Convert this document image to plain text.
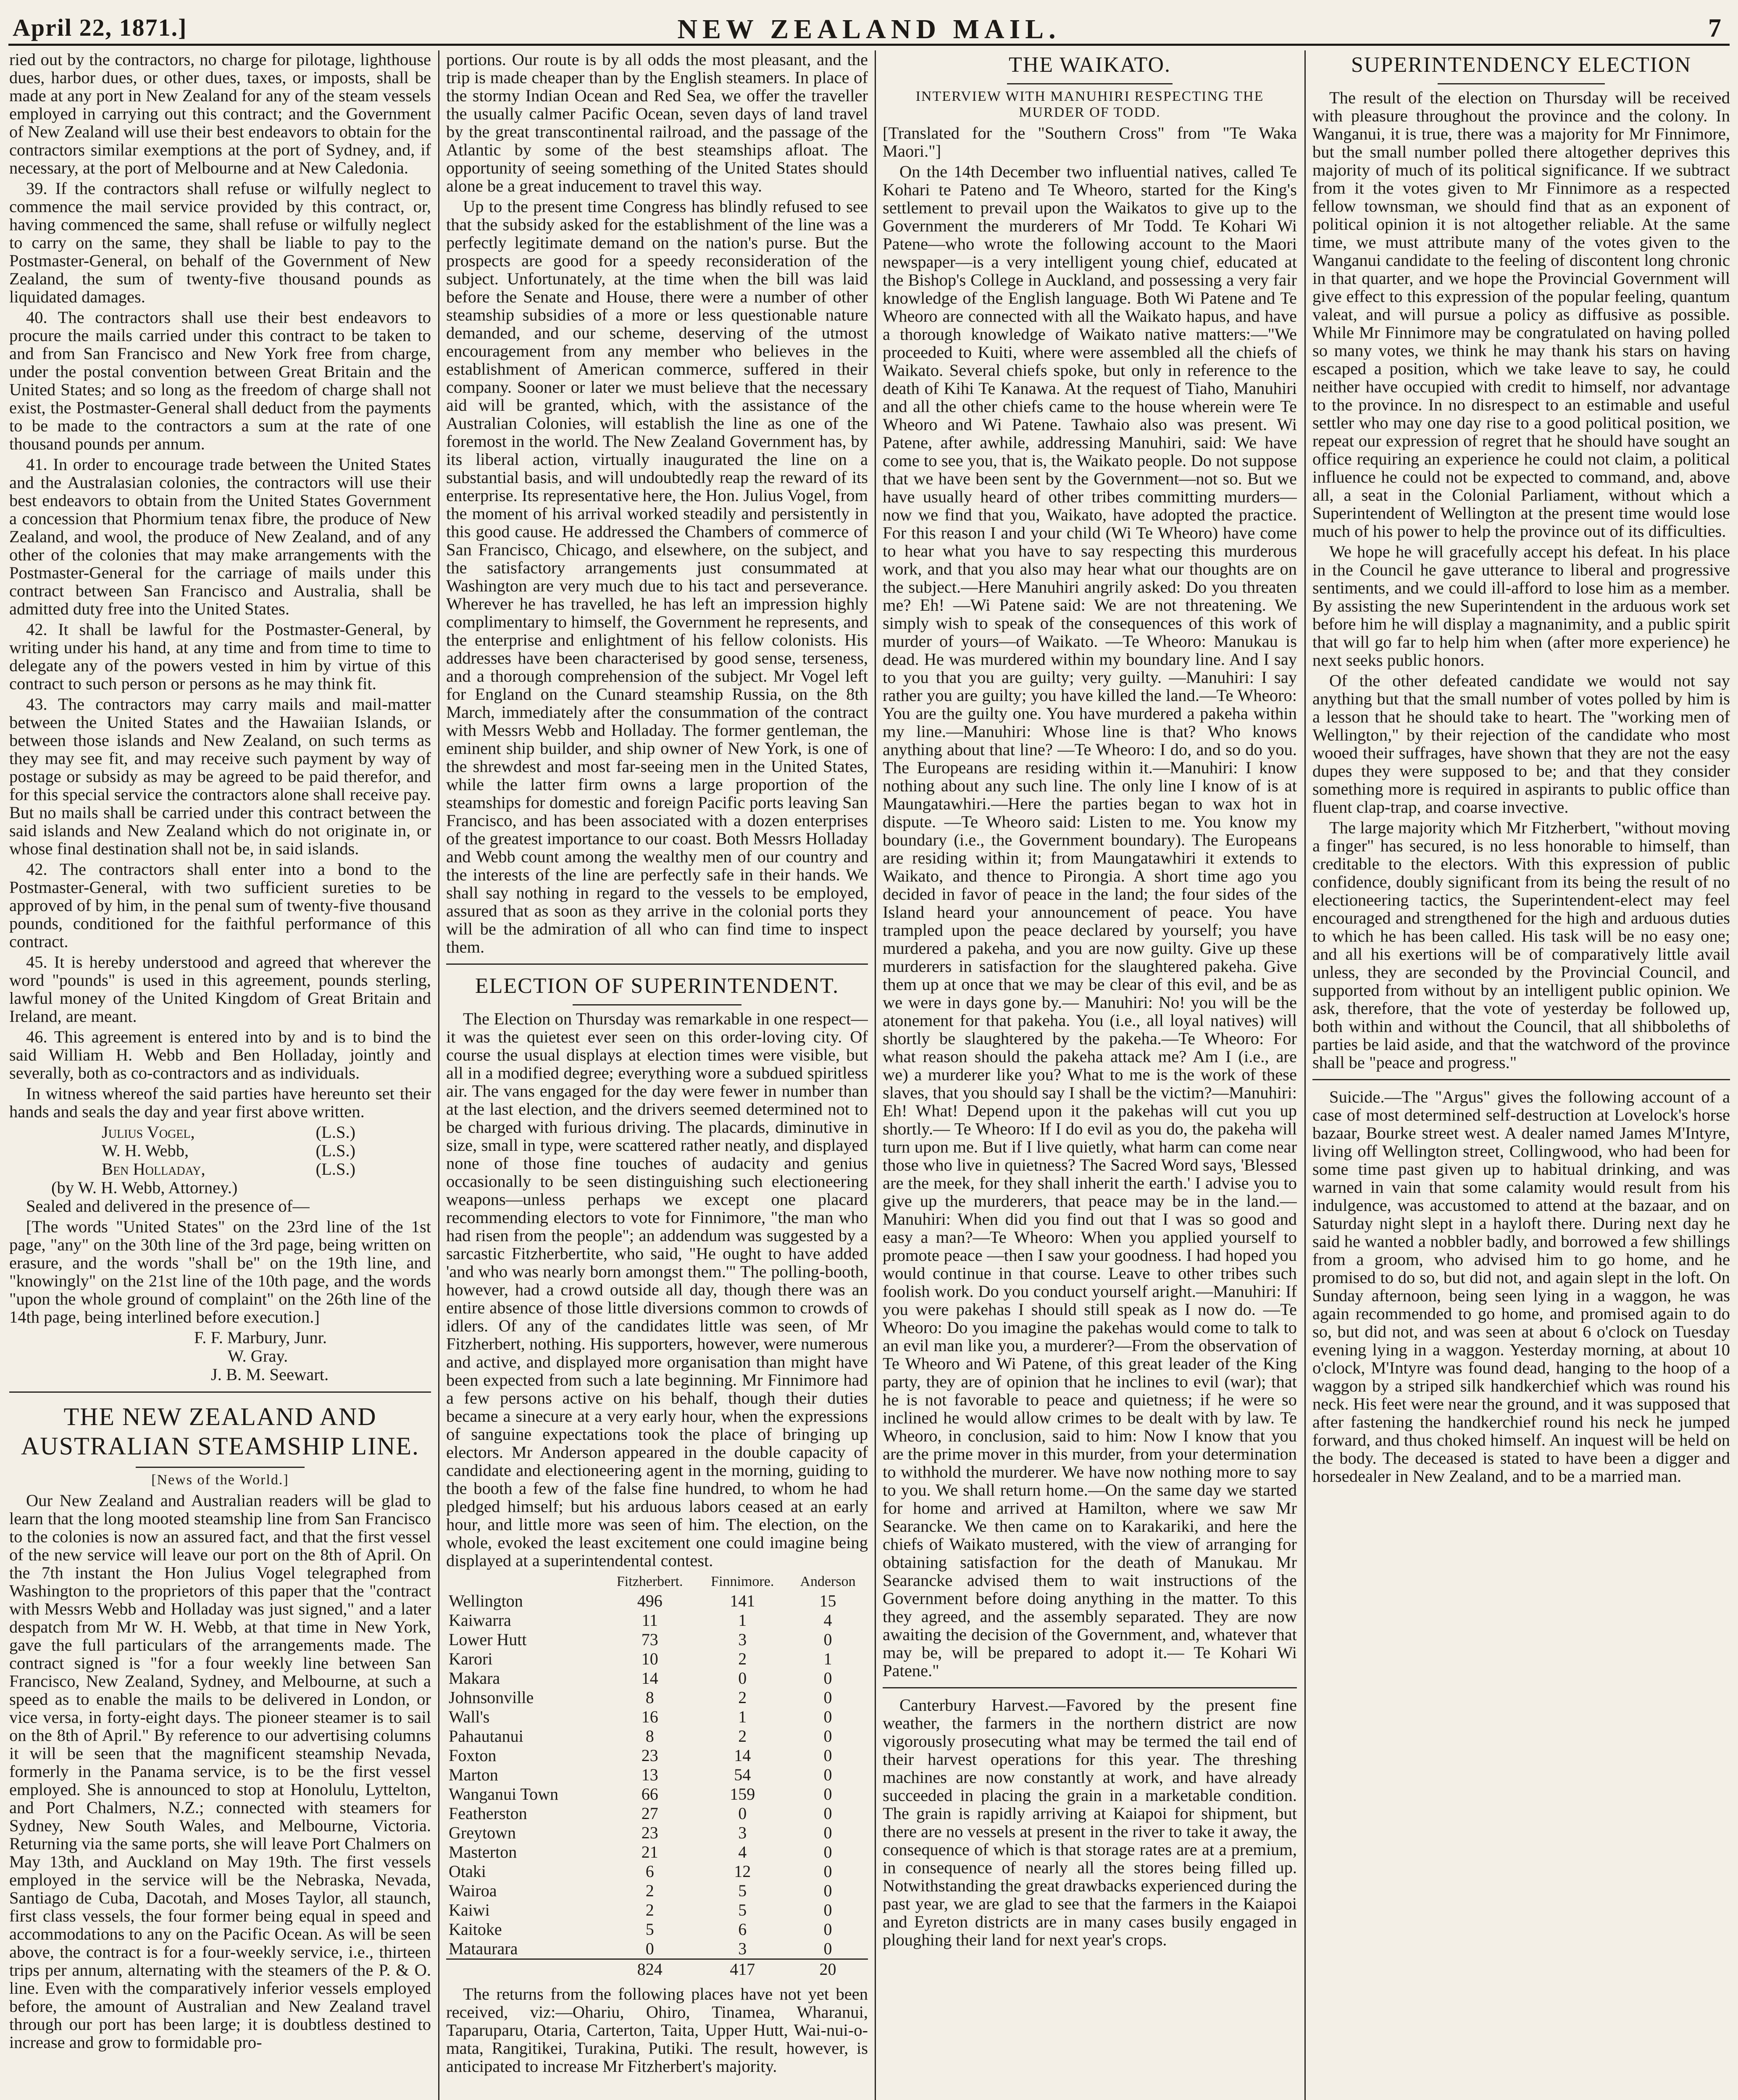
April 22, 1871.]	NEW ZEALAND MAIL.	7

ried out by the contractors, no charge for pilotage, lighthouse dues, harbor dues, or other dues, taxes, or imposts, shall be made at any port in New Zealand for any of the steam vessels employed in carrying out this contract; and the Government of New Zealand will use their best endeavors to obtain for the contractors similar exemptions at the port of Sydney, and, if necessary, at the port of Melbourne and at New Caledonia.

39. If the contractors shall refuse or wilfully neglect to commence the mail service provided by this contract, or, having commenced the same, shall refuse or wilfully neglect to carry on the same, they shall be liable to pay to the Postmaster-General, on behalf of the Government of New Zealand, the sum of twenty-five thousand pounds as liquidated damages.

40. The contractors shall use their best endeavors to procure the mails carried under this contract to be taken to and from San Francisco and New York free from charge, under the postal convention between Great Britain and the United States; and so long as the freedom of charge shall not exist, the Postmaster-General shall deduct from the payments to be made to the contractors a sum at the rate of one thousand pounds per annum.

41. In order to encourage trade between the United States and the Australasian colonies, the contractors will use their best endeavors to obtain from the United States Government a concession that Phormium tenax fibre, the produce of New Zealand, and wool, the produce of New Zealand, and of any other of the colonies that may make arrangements with the Postmaster-General for the carriage of mails under this contract between San Francisco and Australia, shall be admitted duty free into the United States.

42. It shall be lawful for the Postmaster-General, by writing under his hand, at any time and from time to time to delegate any of the powers vested in him by virtue of this contract to such person or persons as he may think fit.

43. The contractors may carry mails and mail-matter between the United States and the Hawaiian Islands, or between those islands and New Zealand, on such terms as they may see fit, and may receive such payment by way of postage or subsidy as may be agreed to be paid therefor, and for this special service the contractors alone shall receive pay. But no mails shall be carried under this contract between the said islands and New Zealand which do not originate in, or whose final destination shall not be, in said islands.

42. The contractors shall enter into a bond to the Postmaster-General, with two sufficient sureties to be approved of by him, in the penal sum of twenty-five thousand pounds, conditioned for the faithful performance of this contract.

45. It is hereby understood and agreed that wherever the word "pounds" is used in this agreement, pounds sterling, lawful money of the United Kingdom of Great Britain and Ireland, are meant.

46. This agreement is entered into by and is to bind the said William H. Webb and Ben Holladay, jointly and severally, both as co-contractors and as individuals.

In witness whereof the said parties have hereunto set their hands and seals the day and year first above written.

Julius Vogel,	(L.S.)
W. H. Webb,	(L.S.)
Ben Holladay,	(L.S.)
(by W. H. Webb, Attorney.)

Sealed and delivered in the presence of—

[The words "United States" on the 23rd line of the 1st page, "any" on the 30th line of the 3rd page, being written on erasure, and the words "shall be" on the 19th line, and "knowingly" on the 21st line of the 10th page, and the words "upon the whole ground of complaint" on the 26th line of the 14th page, being interlined before execution.]

F. F. Marbury, Junr.
W. Gray.
J. B. M. Seewart.
THE NEW ZEALAND AND AUSTRALIAN STEAMSHIP LINE.
[News of the World.]

Our New Zealand and Australian readers will be glad to learn that the long mooted steamship line from San Francisco to the colonies is now an assured fact, and that the first vessel of the new service will leave our port on the 8th of April. On the 7th instant the Hon Julius Vogel telegraphed from Washington to the proprietors of this paper that the "contract with Messrs Webb and Holladay was just signed," and a later despatch from Mr W. H. Webb, at that time in New York, gave the full particulars of the arrangements made. The contract signed is "for a four weekly line between San Francisco, New Zealand, Sydney, and Melbourne, at such a speed as to enable the mails to be delivered in London, or vice versa, in forty-eight days. The pioneer steamer is to sail on the 8th of April." By reference to our advertising columns it will be seen that the magnificent steamship Nevada, formerly in the Panama service, is to be the first vessel employed. She is announced to stop at Honolulu, Lyttelton, and Port Chalmers, N.Z.; connected with steamers for Sydney, New South Wales, and Melbourne, Victoria. Returning via the same ports, she will leave Port Chalmers on May 13th, and Auckland on May 19th. The first vessels employed in the service will be the Nebraska, Nevada, Santiago de Cuba, Dacotah, and Moses Taylor, all staunch, first class vessels, the four former being equal in speed and accommodations to any on the Pacific Ocean. As will be seen above, the contract is for a four-weekly service, i.e., thirteen trips per annum, alternating with the steamers of the P. & O. line. Even with the comparatively inferior vessels employed before, the amount of Australian and New Zealand travel through our port has been large; it is doubtless destined to increase and grow to formidable pro-

portions. Our route is by all odds the most pleasant, and the trip is made cheaper than by the English steamers. In place of the stormy Indian Ocean and Red Sea, we offer the traveller the usually calmer Pacific Ocean, seven days of land travel by the great transcontinental railroad, and the passage of the Atlantic by some of the best steamships afloat. The opportunity of seeing something of the United States should alone be a great inducement to travel this way.

Up to the present time Congress has blindly refused to see that the subsidy asked for the establishment of the line was a perfectly legitimate demand on the nation's purse. But the prospects are good for a speedy reconsideration of the subject. Unfortunately, at the time when the bill was laid before the Senate and House, there were a number of other steamship subsidies of a more or less questionable nature demanded, and our scheme, deserving of the utmost encouragement from any member who believes in the establishment of American commerce, suffered in their company. Sooner or later we must believe that the necessary aid will be granted, which, with the assistance of the Australian Colonies, will establish the line as one of the foremost in the world. The New Zealand Government has, by its liberal action, virtually inaugurated the line on a substantial basis, and will undoubtedly reap the reward of its enterprise. Its representative here, the Hon. Julius Vogel, from the moment of his arrival worked steadily and persistently in this good cause. He addressed the Chambers of commerce of San Francisco, Chicago, and elsewhere, on the subject, and the satisfactory arrangements just consummated at Washington are very much due to his tact and perseverance. Wherever he has travelled, he has left an impression highly complimentary to himself, the Government he represents, and the enterprise and enlightment of his fellow colonists. His addresses have been characterised by good sense, terseness, and a thorough comprehension of the subject. Mr Vogel left for England on the Cunard steamship Russia, on the 8th March, immediately after the consummation of the contract with Messrs Webb and Holladay. The former gentleman, the eminent ship builder, and ship owner of New York, is one of the shrewdest and most far-seeing men in the United States, while the latter firm owns a large proportion of the steamships for domestic and foreign Pacific ports leaving San Francisco, and has been associated with a dozen enterprises of the greatest importance to our coast. Both Messrs Holladay and Webb count among the wealthy men of our country and the interests of the line are perfectly safe in their hands. We shall say nothing in regard to the vessels to be employed, assured that as soon as they arrive in the colonial ports they will be the admiration of all who can find time to inspect them.

ELECTION OF SUPERINTENDENT.

The Election on Thursday was remarkable in one respect—it was the quietest ever seen on this order-loving city. Of course the usual displays at election times were visible, but all in a modified degree; everything wore a subdued spiritless air. The vans engaged for the day were fewer in number than at the last election, and the drivers seemed determined not to be charged with furious driving. The placards, diminutive in size, small in type, were scattered rather neatly, and displayed none of those fine touches of audacity and genius occasionally to be seen distinguishing such electioneering weapons—unless perhaps we except one placard recommending electors to vote for Finnimore, "the man who had risen from the people"; an addendum was suggested by a sarcastic Fitzherbertite, who said, "He ought to have added 'and who was nearly born amongst them.'" The polling-booth, however, had a crowd outside all day, though there was an entire absence of those little diversions common to crowds of idlers. Of any of the candidates little was seen, of Mr Fitzherbert, nothing. His supporters, however, were numerous and active, and displayed more organisation than might have been expected from such a late beginning. Mr Finnimore had a few persons active on his behalf, though their duties became a sinecure at a very early hour, when the expressions of sanguine expectations took the place of bringing up electors. Mr Anderson appeared in the double capacity of candidate and electioneering agent in the morning, guiding to the booth a few of the false fine hundred, to whom he had pledged himself; but his arduous labors ceased at an early hour, and little more was seen of him. The election, on the whole, evoked the least excitement one could imagine being displayed at a superintendental contest.

	Fitzherbert.	Finnimore.	Anderson
Wellington	496	141	15
Kaiwarra	11	1	4
Lower Hutt	73	3	0
Karori	10	2	1
Makara	14	0	0
Johnsonville	8	2	0
Wall's	16	1	0
Pahautanui	8	2	0
Foxton	23	14	0
Marton	13	54	0
Wanganui Town	66	159	0
Featherston	27	0	0
Greytown	23	3	0
Masterton	21	4	0
Otaki	6	12	0
Wairoa	2	5	0
Kaiwi	2	5	0
Kaitoke	5	6	0
Mataurara	0	3	0
	824	417	20

The returns from the following places have not yet been received, viz:—Ohariu, Ohiro, Tinamea, Wharanui, Taparuparu, Otaria, Carterton, Taita, Upper Hutt, Wai-nui-o-mata, Rangitikei, Turakina, Putiki. The result, however, is anticipated to increase Mr Fitzherbert's majority.

THE WAIKATO.
INTERVIEW WITH MANUHIRI RESPECTING THE MURDER OF TODD.

[Translated for the "Southern Cross" from "Te Waka Maori."]

On the 14th December two influential natives, called Te Kohari te Pateno and Te Wheoro, started for the King's settlement to prevail upon the Waikatos to give up to the Government the murderers of Mr Todd. Te Kohari Wi Patene—who wrote the following account to the Maori newspaper—is a very intelligent young chief, educated at the Bishop's College in Auckland, and possessing a very fair knowledge of the English language. Both Wi Patene and Te Wheoro are connected with all the Waikato hapus, and have a thorough knowledge of Waikato native matters:—"We proceeded to Kuiti, where were assembled all the chiefs of Waikato. Several chiefs spoke, but only in reference to the death of Kihi Te Kanawa. At the request of Tiaho, Manuhiri and all the other chiefs came to the house wherein were Te Wheoro and Wi Patene. Tawhaio also was present. Wi Patene, after awhile, addressing Manuhiri, said: We have come to see you, that is, the Waikato people. Do not suppose that we have been sent by the Government—not so. But we have usually heard of other tribes committing murders—now we find that you, Waikato, have adopted the practice. For this reason I and your child (Wi Te Wheoro) have come to hear what you have to say respecting this murderous work, and that you also may hear what our thoughts are on the subject.—Here Manuhiri angrily asked: Do you threaten me? Eh! —Wi Patene said: We are not threatening. We simply wish to speak of the consequences of this work of murder of yours—of Waikato. —Te Wheoro: Manukau is dead. He was murdered within my boundary line. And I say to you that you are guilty; very guilty. —Manuhiri: I say rather you are guilty; you have killed the land.—Te Wheoro: You are the guilty one. You have murdered a pakeha within my line.—Manuhiri: Whose line is that? Who knows anything about that line? —Te Wheoro: I do, and so do you. The Europeans are residing within it.—Manuhiri: I know nothing about any such line. The only line I know of is at Maungatawhiri.—Here the parties began to wax hot in dispute. —Te Wheoro said: Listen to me. You know my boundary (i.e., the Government boundary). The Europeans are residing within it; from Maungatawhiri it extends to Waikato, and thence to Pirongia. A short time ago you decided in favor of peace in the land; the four sides of the Island heard your announcement of peace. You have trampled upon the peace declared by yourself; you have murdered a pakeha, and you are now guilty. Give up these murderers in satisfaction for the slaughtered pakeha. Give them up at once that we may be clear of this evil, and be as we were in days gone by.— Manuhiri: No! you will be the atonement for that pakeha. You (i.e., all loyal natives) will shortly be slaughtered by the pakeha.—Te Wheoro: For what reason should the pakeha attack me? Am I (i.e., are we) a murderer like you? What to me is the work of these slaves, that you should say I shall be the victim?—Manuhiri: Eh! What! Depend upon it the pakehas will cut you up shortly.— Te Wheoro: If I do evil as you do, the pakeha will turn upon me. But if I live quietly, what harm can come near those who live in quietness? The Sacred Word says, 'Blessed are the meek, for they shall inherit the earth.' I advise you to give up the murderers, that peace may be in the land.— Manuhiri: When did you find out that I was so good and easy a man?—Te Wheoro: When you applied yourself to promote peace —then I saw your goodness. I had hoped you would continue in that course. Leave to other tribes such foolish work. Do you conduct yourself aright.—Manuhiri: If you were pakehas I should still speak as I now do. —Te Wheoro: Do you imagine the pakehas would come to talk to an evil man like you, a murderer?—From the observation of Te Wheoro and Wi Patene, of this great leader of the King party, they are of opinion that he inclines to evil (war); that he is not favorable to peace and quietness; if he were so inclined he would allow crimes to be dealt with by law. Te Wheoro, in conclusion, said to him: Now I know that you are the prime mover in this murder, from your determination to withhold the murderer. We have now nothing more to say to you. We shall return home.—On the same day we started for home and arrived at Hamilton, where we saw Mr Searancke. We then came on to Karakariki, and here the chiefs of Waikato mustered, with the view of arranging for obtaining satisfaction for the death of Manukau. Mr Searancke advised them to wait instructions of the Government before doing anything in the matter. To this they agreed, and the assembly separated. They are now awaiting the decision of the Government, and, whatever that may be, will be prepared to adopt it.— Te Kohari Wi Patene."

Canterbury Harvest.—Favored by the present fine weather, the farmers in the northern district are now vigorously prosecuting what may be termed the tail end of their harvest operations for this year. The threshing machines are now constantly at work, and have already succeeded in placing the grain in a marketable condition. The grain is rapidly arriving at Kaiapoi for shipment, but there are no vessels at present in the river to take it away, the consequence of which is that storage rates are at a premium, in consequence of nearly all the stores being filled up. Notwithstanding the great drawbacks experienced during the past year, we are glad to see that the farmers in the Kaiapoi and Eyreton districts are in many cases busily engaged in ploughing their land for next year's crops.

SUPERINTENDENCY ELECTION

The result of the election on Thursday will be received with pleasure throughout the province and the colony. In Wanganui, it is true, there was a majority for Mr Finnimore, but the small number polled there altogether deprives this majority of much of its political significance. If we subtract from it the votes given to Mr Finnimore as a respected fellow townsman, we should find that as an exponent of political opinion it is not altogether reliable. At the same time, we must attribute many of the votes given to the Wanganui candidate to the feeling of discontent long chronic in that quarter, and we hope the Provincial Government will give effect to this expression of the popular feeling, quantum valeat, and will pursue a policy as diffusive as possible. While Mr Finnimore may be congratulated on having polled so many votes, we think he may thank his stars on having escaped a position, which we take leave to say, he could neither have occupied with credit to himself, nor advantage to the province. In no disrespect to an estimable and useful settler who may one day rise to a good political position, we repeat our expression of regret that he should have sought an office requiring an experience he could not claim, a political influence he could not be expected to command, and, above all, a seat in the Colonial Parliament, without which a Superintendent of Wellington at the present time would lose much of his power to help the province out of its difficulties.

We hope he will gracefully accept his defeat. In his place in the Council he gave utterance to liberal and progressive sentiments, and we could ill-afford to lose him as a member. By assisting the new Superintendent in the arduous work set before him he will display a magnanimity, and a public spirit that will go far to help him when (after more experience) he next seeks public honors.

Of the other defeated candidate we would not say anything but that the small number of votes polled by him is a lesson that he should take to heart. The "working men of Wellington," by their rejection of the candidate who most wooed their suffrages, have shown that they are not the easy dupes they were supposed to be; and that they consider something more is required in aspirants to public office than fluent clap-trap, and coarse invective.

The large majority which Mr Fitzherbert, "without moving a finger" has secured, is no less honorable to himself, than creditable to the electors. With this expression of public confidence, doubly significant from its being the result of no electioneering tactics, the Superintendent-elect may feel encouraged and strengthened for the high and arduous duties to which he has been called. His task will be no easy one; and all his exertions will be of comparatively little avail unless, they are seconded by the Provincial Council, and supported from without by an intelligent public opinion. We ask, therefore, that the vote of yesterday be followed up, both within and without the Council, that all shibboleths of parties be laid aside, and that the watchword of the province shall be "peace and progress."

Suicide.—The "Argus" gives the following account of a case of most determined self-destruction at Lovelock's horse bazaar, Bourke street west. A dealer named James M'Intyre, living off Wellington street, Collingwood, who had been for some time past given up to habitual drinking, and was warned in vain that some calamity would result from his indulgence, was accustomed to attend at the bazaar, and on Saturday night slept in a hayloft there. During next day he said he wanted a nobbler badly, and borrowed a few shillings from a groom, who advised him to go home, and he promised to do so, but did not, and again slept in the loft. On Sunday afternoon, being seen lying in a waggon, he was again recommended to go home, and promised again to do so, but did not, and was seen at about 6 o'clock on Tuesday evening lying in a waggon. Yesterday morning, at about 10 o'clock, M'Intyre was found dead, hanging to the hoop of a waggon by a striped silk handkerchief which was round his neck. His feet were near the ground, and it was supposed that after fastening the handkerchief round his neck he jumped forward, and thus choked himself. An inquest will be held on the body. The deceased is stated to have been a digger and horsedealer in New Zealand, and to be a married man.
